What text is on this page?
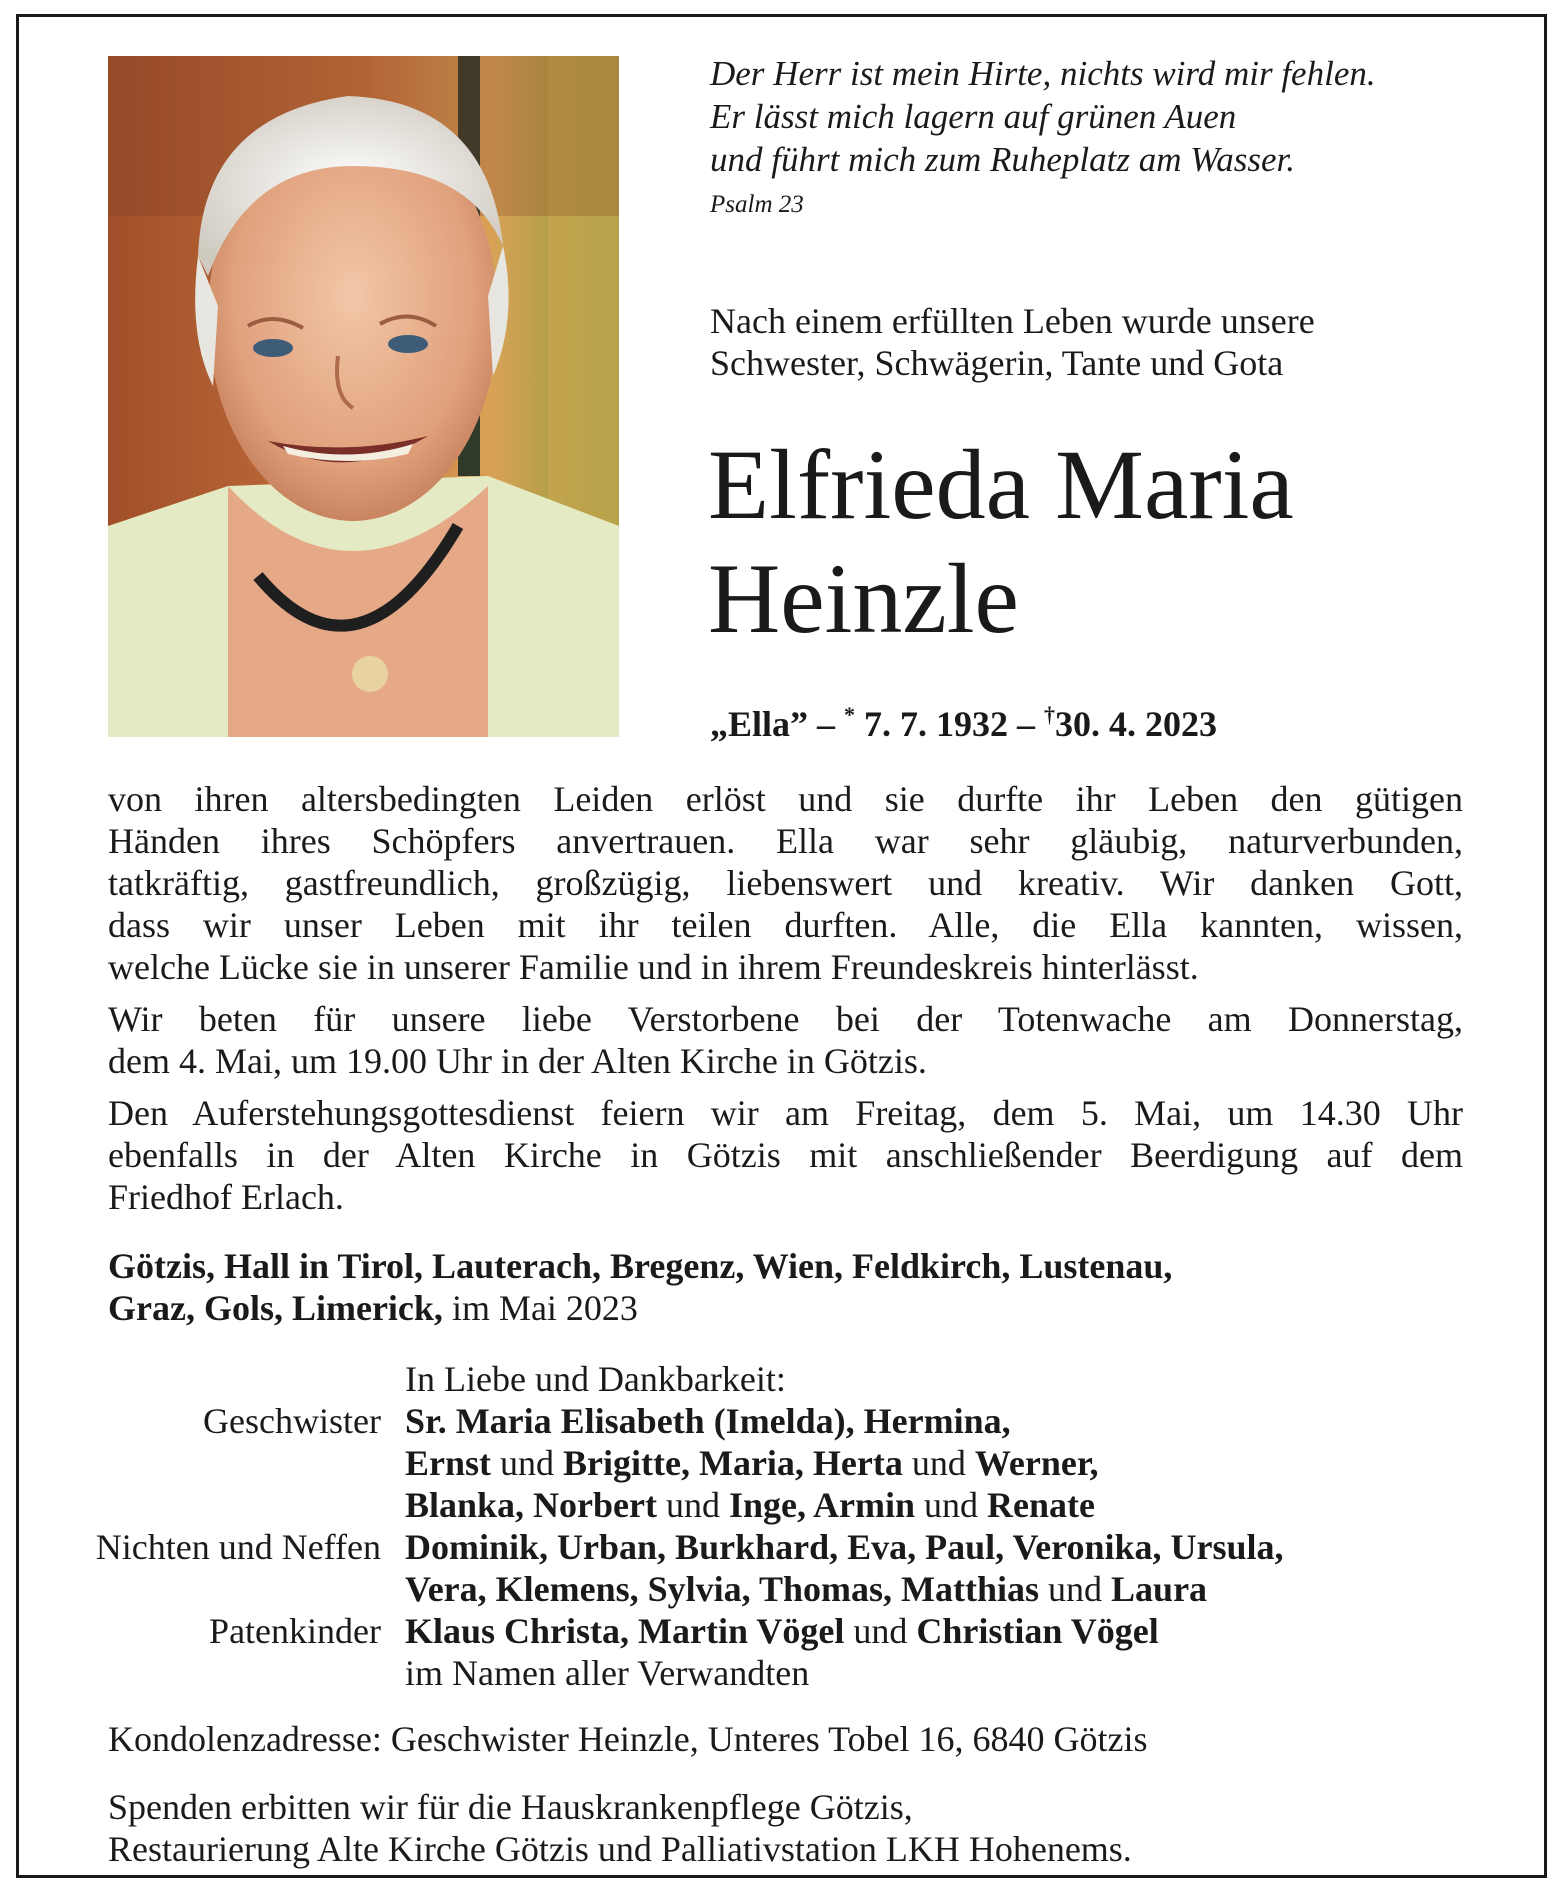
Der Herr ist mein Hirte, nichts wird mir fehlen.
Er lässt mich lagern auf grünen Auen
und führt mich zum Ruheplatz am Wasser.
Psalm 23
Nach einem erfüllten Leben wurde unsere
Schwester, Schwägerin, Tante und Gota
Elfrieda Maria
Heinzle
„Ella” – * 7. 7. 1932 – †30. 4. 2023

von ihren altersbedingten Leiden erlöst und sie durfte ihr Leben den gütigen
Händen ihres Schöpfers anvertrauen. Ella war sehr gläubig, naturverbunden,
tatkräftig, gastfreundlich, großzügig, liebenswert und kreativ. Wir danken Gott,
dass wir unser Leben mit ihr teilen durften. Alle, die Ella kannten, wissen,
welche Lücke sie in unserer Familie und in ihrem Freundeskreis hinterlässt.

Wir beten für unsere liebe Verstorbene bei der Totenwache am Donnerstag,
dem 4. Mai, um 19.00 Uhr in der Alten Kirche in Götzis.

Den Auferstehungsgottesdienst feiern wir am Freitag, dem 5. Mai, um 14.30 Uhr
ebenfalls in der Alten Kirche in Götzis mit anschließender Beerdigung auf dem
Friedhof Erlach.

Götzis, Hall in Tirol, Lauterach, Bregenz, Wien, Feldkirch, Lustenau,
Graz, Gols, Limerick, im Mai 2023
In Liebe und Dankbarkeit:
Geschwister Sr. Maria Elisabeth (Imelda), Hermina,
Ernst und Brigitte, Maria, Herta und Werner,
Blanka, Norbert und Inge, Armin und Renate
Nichten und Neffen Dominik, Urban, Burkhard, Eva, Paul, Veronika, Ursula,
Vera, Klemens, Sylvia, Thomas, Matthias und Laura
Patenkinder Klaus Christa, Martin Vögel und Christian Vögel
im Namen aller Verwandten
Kondolenzadresse: Geschwister Heinzle, Unteres Tobel 16, 6840 Götzis
Spenden erbitten wir für die Hauskrankenpflege Götzis,
Restaurierung Alte Kirche Götzis und Palliativstation LKH Hohenems.
